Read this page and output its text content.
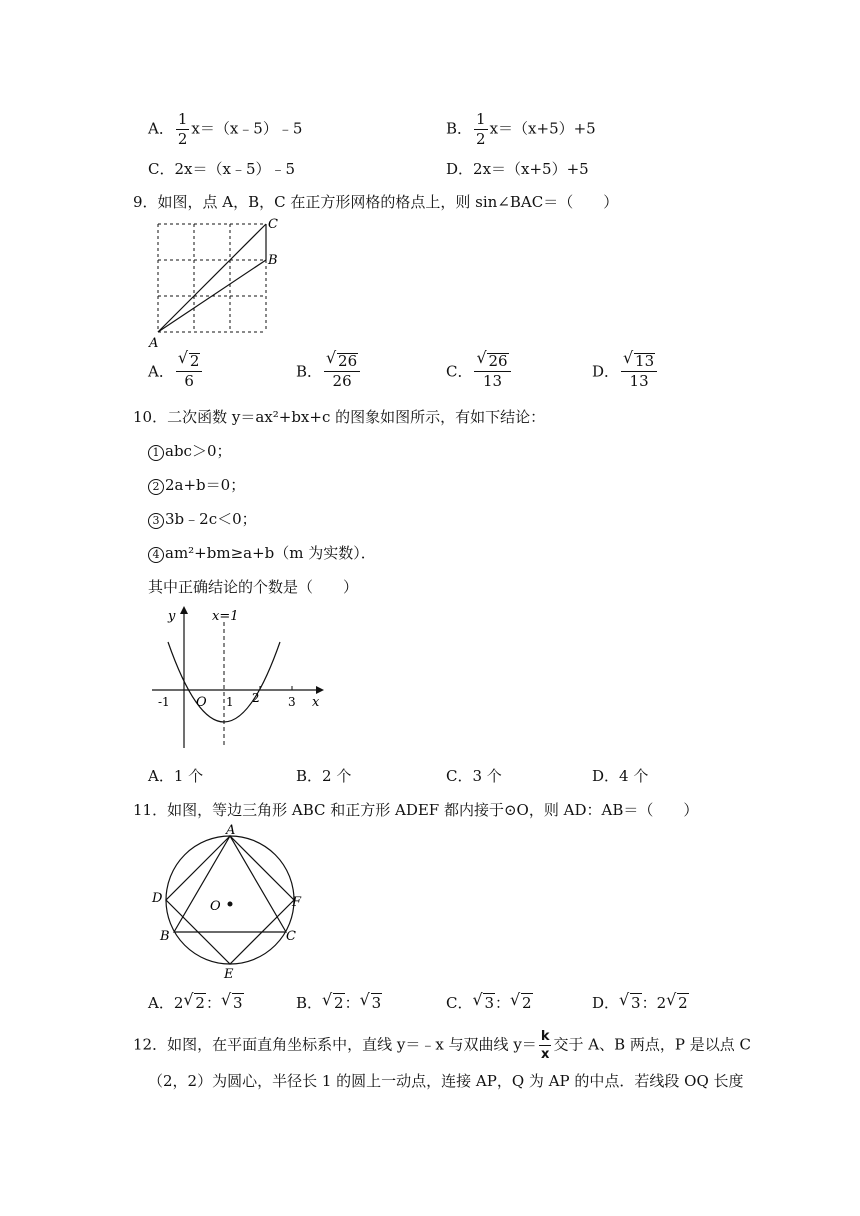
A． $\frac{1}{2}$ x＝（x﹣5）﹣5	B． $\frac{1}{2} x=(x+5)+5$
C．2x＝（x﹣5）﹣5	D．2x＝（x+5）+5
9．如图，点 A，B，C 在正方形网格的格点上，则 sin∠BAC＝（　　）
C
B
A
A． $\frac{√ 2}{6}$	B． $\frac{√ 26}{26}$	C． $\frac{√ 26}{13}$	D． $\frac{√ 13}{13}$
10．二次函数 y＝ax²+bx+c 的图象如图所示，有如下结论：
1 abc＞0；
2 2a+b＝0；
3 3b﹣2c＜0；
4 am²+bm≥a+b（m 为实数）．
其中正确结论的个数是（　　）
y	x=1
x
O
-1	1 2 3
A．1 个	B．2 个	C．3 个	D．4 个
11．如图，等边三角形 ABC 和正方形 ADEF 都内接于⊙O，则 AD：AB＝（　　）
A
D	F
B	C
E
O
A．2 √ 2： √ 3	B． √ 2： √ 3	C． √ 3： √ 2	D． √ 3：2 √ 2
12．如图，在平面直角坐标系中，直线 y＝﹣x 与双曲线 $y= \frac{k}{x}$ 交于 A、B 两点，P 是以点 C
（2，2）为圆心，半径长 1 的圆上一动点，连接 AP，Q 为 AP 的中点．若线段 OQ 长度
